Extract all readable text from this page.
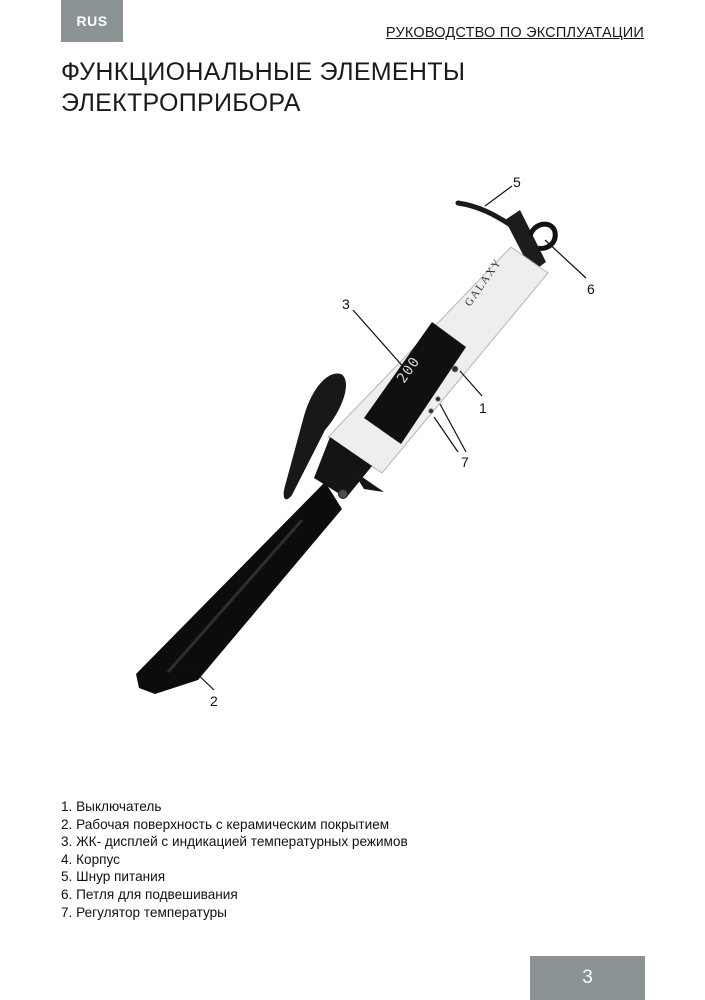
RUS
РУКОВОДСТВО ПО ЭКСПЛУАТАЦИИ
ФУНКЦИОНАЛЬНЫЕ ЭЛЕМЕНТЫ
ЭЛЕКТРОПРИБОРА
200
GALAXY
5
6
3
1
7
2
1. Выключатель
2. Рабочая поверхность с керамическим покрытием
3. ЖК- дисплей с индикацией температурных режимов
4. Корпус
5. Шнур питания
6. Петля для подвешивания
7. Регулятор температуры
3
